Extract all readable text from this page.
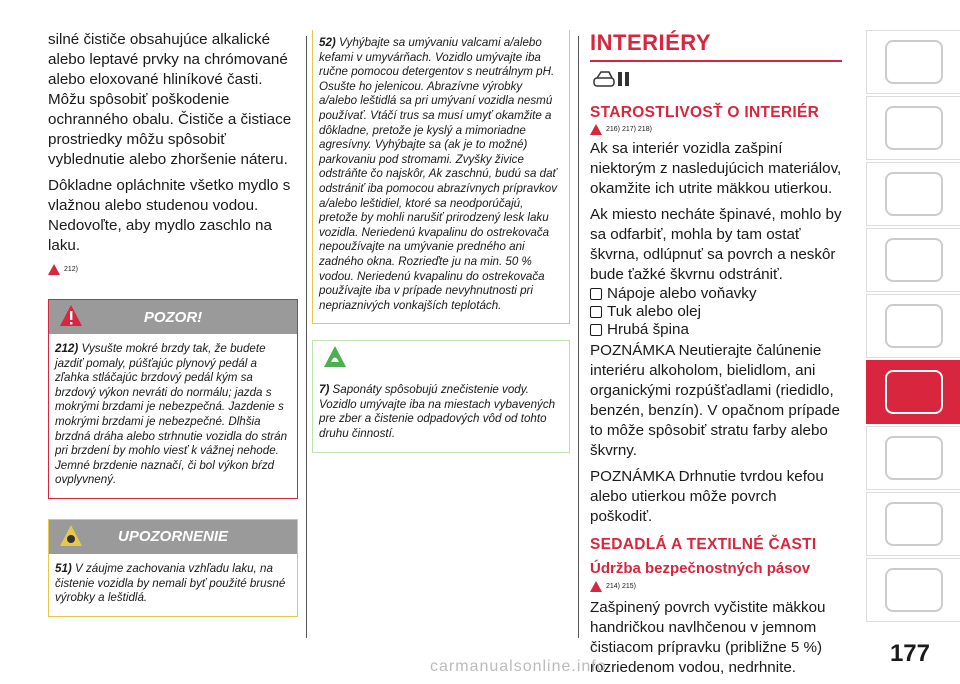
silné čističe obsahujúce alkalické alebo leptavé prvky na chrómované alebo eloxované hliníkové časti. Môžu spôsobiť poškodenie ochranného obalu. Čističe a čistiace prostriedky môžu spôsobiť vyblednutie alebo zhoršenie náteru.

Dôkladne opláchnite všetko mydlo s vlažnou alebo studenou vodou. Nedovoľte, aby mydlo zaschlo na laku.

212)
POZOR!
212) Vysušte mokré brzdy tak, že budete jazdiť pomaly, púšťajúc plynový pedál a zľahka stláčajúc brzdový pedál kým sa brzdový výkon nevráti do normálu; jazda s mokrými brzdami je nebezpečná. Jazdenie s mokrými brzdami je nebezpečné. Dlhšia brzdná dráha alebo strhnutie vozidla do strán pri brzdení by mohlo viesť k vážnej nehode. Jemné brzdenie naznačí, či bol výkon bŕzd ovplyvnený.
UPOZORNENIE
51) V záujme zachovania vzhľadu laku, na čistenie vozidla by nemali byť použité brusné výrobky a leštidlá.
52) Vyhýbajte sa umývaniu valcami a/alebo kefami v umyvárňach. Vozidlo umývajte iba ručne pomocou detergentov s neutrálnym pH. Osušte ho jelenicou. Abrazívne výrobky a/alebo leštidlá sa pri umývaní vozidla nesmú používať. Vtáčí trus sa musí umyť okamžite a dôkladne, pretože je kyslý a mimoriadne agresívny. Vyhýbajte sa (ak je to možné) parkovaniu pod stromami. Zvyšky živice odstráňte čo najskôr, Ak zaschnú, budú sa dať odstrániť iba pomocou abrazívnych prípravkov a/alebo leštidiel, ktoré sa neodporúčajú, pretože by mohli narušiť prirodzený lesk laku vozidla. Neriedenú kvapalinu do ostrekovača nepoužívajte na umývanie predného ani zadného okna. Rozrieďte ju na min. 50 % vodou. Neriedenú kvapalinu do ostrekovača používajte iba v prípade nevyhnutnosti pri nepriaznivých vonkajších teplotách.
UPOZORNENIE
7) Saponáty spôsobujú znečistenie vody. Vozidlo umývajte iba na miestach vybavených pre zber a čistenie odpadových vôd od tohto druhu činností.
INTERIÉRY
STAROSTLIVOSŤ O INTERIÉR
216) 217) 218)

Ak sa interiér vozidla zašpiní niektorým z nasledujúcich materiálov, okamžite ich utrite mäkkou utierkou.

Ak miesto necháte špinavé, mohlo by sa odfarbiť, mohla by tam ostať škvrna, odlúpnuť sa povrch a neskôr bude ťažké škvrnu odstrániť.

Nápoje alebo voňavky
Tuk alebo olej
Hrubá špina

POZNÁMKA Neutierajte čalúnenie interiéru alkoholom, bielidlom, ani organickými rozpúšťadlami (riedidlo, benzén, benzín). V opačnom prípade to môže spôsobiť stratu farby alebo škvrny.

POZNÁMKA Drhnutie tvrdou kefou alebo utierkou môže povrch poškodiť.

SEDADLÁ A TEXTILNÉ ČASTI
Údržba bezpečnostných pásov
214) 215)

Zašpinený povrch vyčistite mäkkou handričkou navlhčenou v jemnom čistiacom prípravku (približne 5 %) rozriedenom vodou, nedrhnite.

177
carmanualsonline.info
